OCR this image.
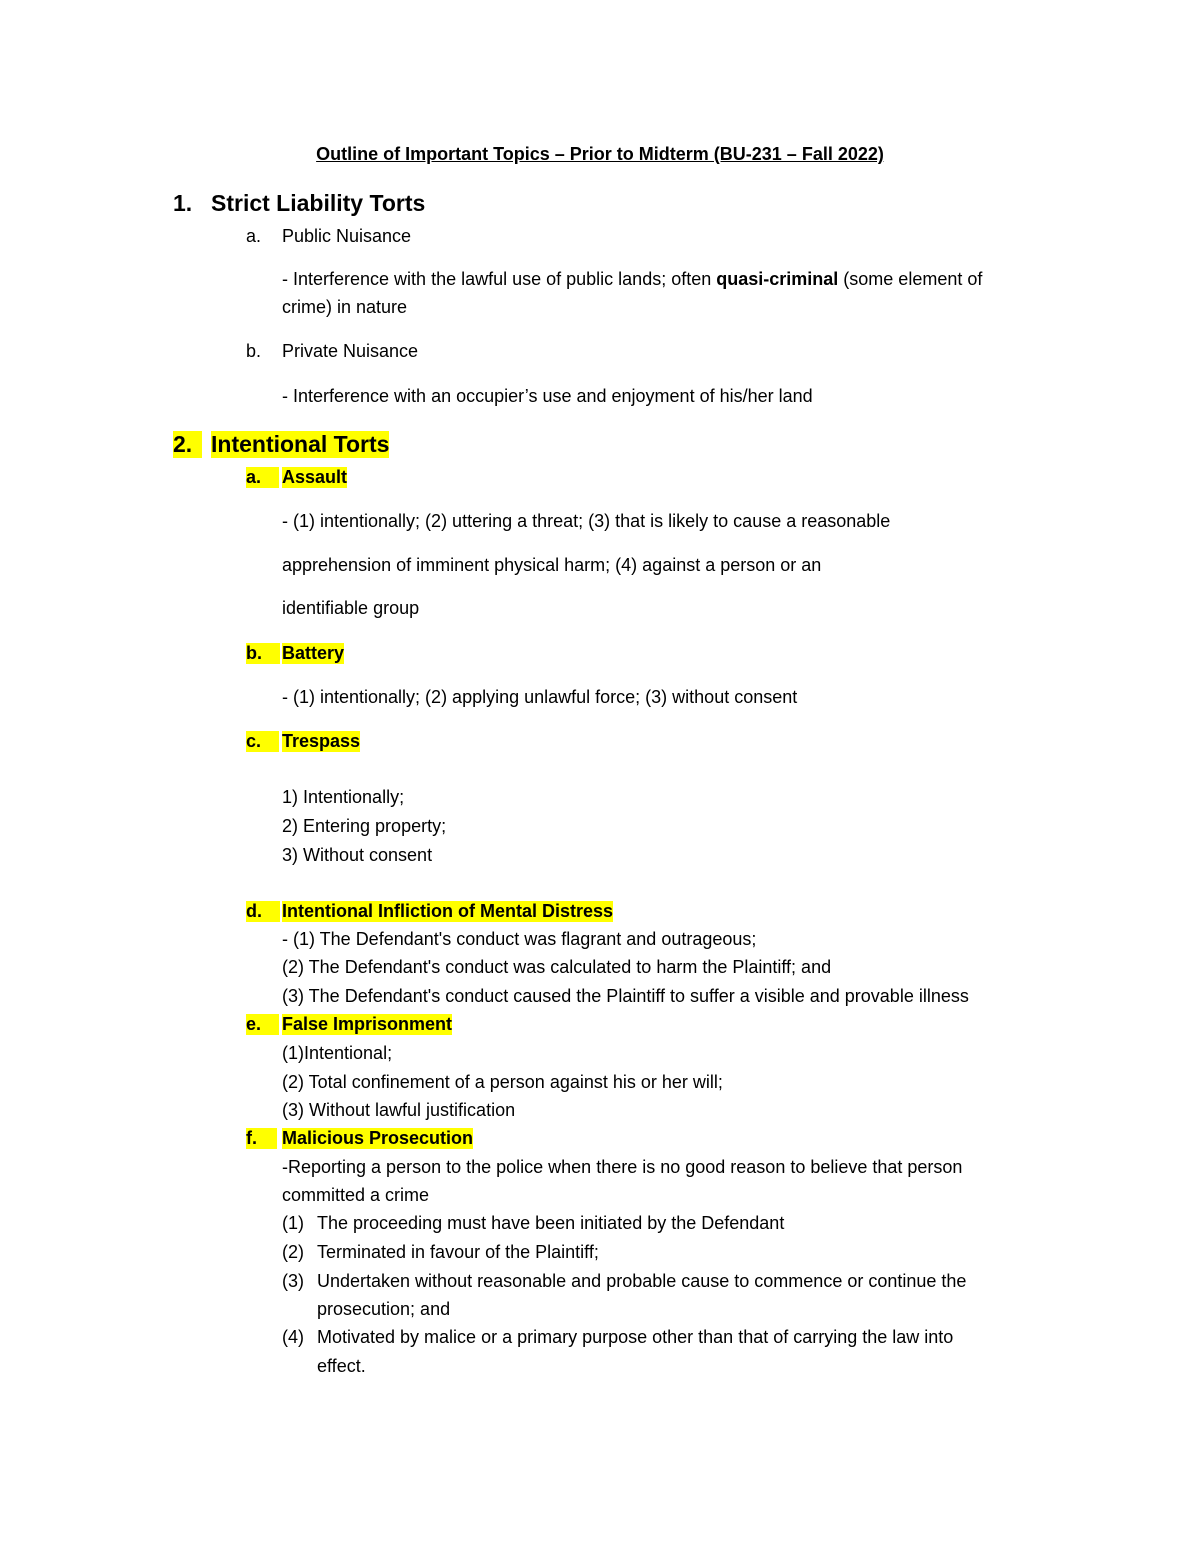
Outline of Important Topics – Prior to Midterm (BU-231 – Fall 2022)
1. Strict Liability Torts
a. Public Nuisance
- Interference with the lawful use of public lands; often quasi-criminal (some element of
crime) in nature
b. Private Nuisance
- Interference with an occupier’s use and enjoyment of his/her land
2. Intentional Torts
a.	Assault
- (1) intentionally; (2) uttering a threat; (3) that is likely to cause a reasonable
apprehension of imminent physical harm; (4) against a person or an
identifiable group
b.	Battery
- (1) intentionally; (2) applying unlawful force; (3) without consent
c.	Trespass
1) Intentionally;
2) Entering property;
3) Without consent
d.	Intentional Infliction of Mental Distress
- (1) The Defendant's conduct was flagrant and outrageous;
(2) The Defendant's conduct was calculated to harm the Plaintiff; and
(3) The Defendant's conduct caused the Plaintiff to suffer a visible and provable illness
e.	False Imprisonment
(1)Intentional;
(2) Total confinement of a person against his or her will;
(3) Without lawful justification
f.	Malicious Prosecution
-Reporting a person to the police when there is no good reason to believe that person
committed a crime
(1) The proceeding must have been initiated by the Defendant
(2) Terminated in favour of the Plaintiff;
(3) Undertaken without reasonable and probable cause to commence or continue the
prosecution; and
(4) Motivated by malice or a primary purpose other than that of carrying the law into
effect.
